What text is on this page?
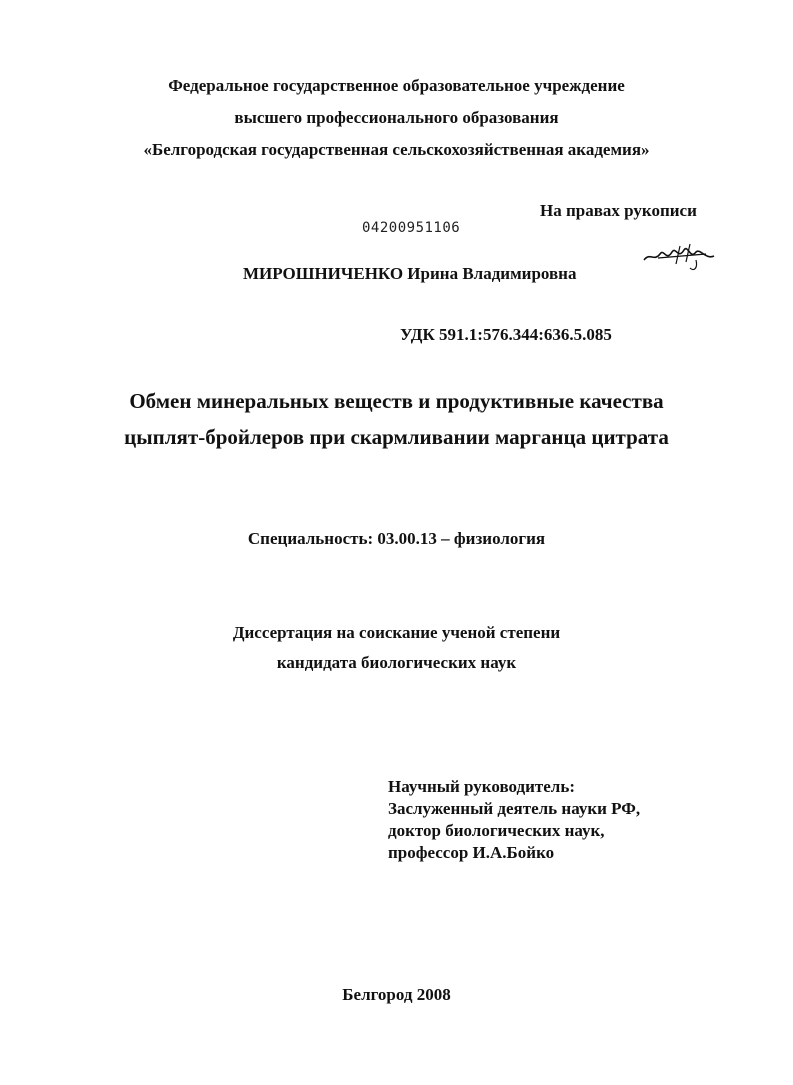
Федеральное государственное образовательное учреждение
высшего профессионального образования
«Белгородская государственная сельскохозяйственная академия»
На правах рукописи
04200951106
МИРОШНИЧЕНКО Ирина Владимировна
УДК 591.1:576.344:636.5.085
Обмен минеральных веществ и продуктивные качества
цыплят-бройлеров при скармливании марганца цитрата
Специальность: 03.00.13 – физиология
Диссертация на соискание ученой степени
кандидата биологических наук
Научный руководитель:
Заслуженный деятель науки РФ,
доктор биологических наук,
профессор И.А.Бойко
Белгород 2008
